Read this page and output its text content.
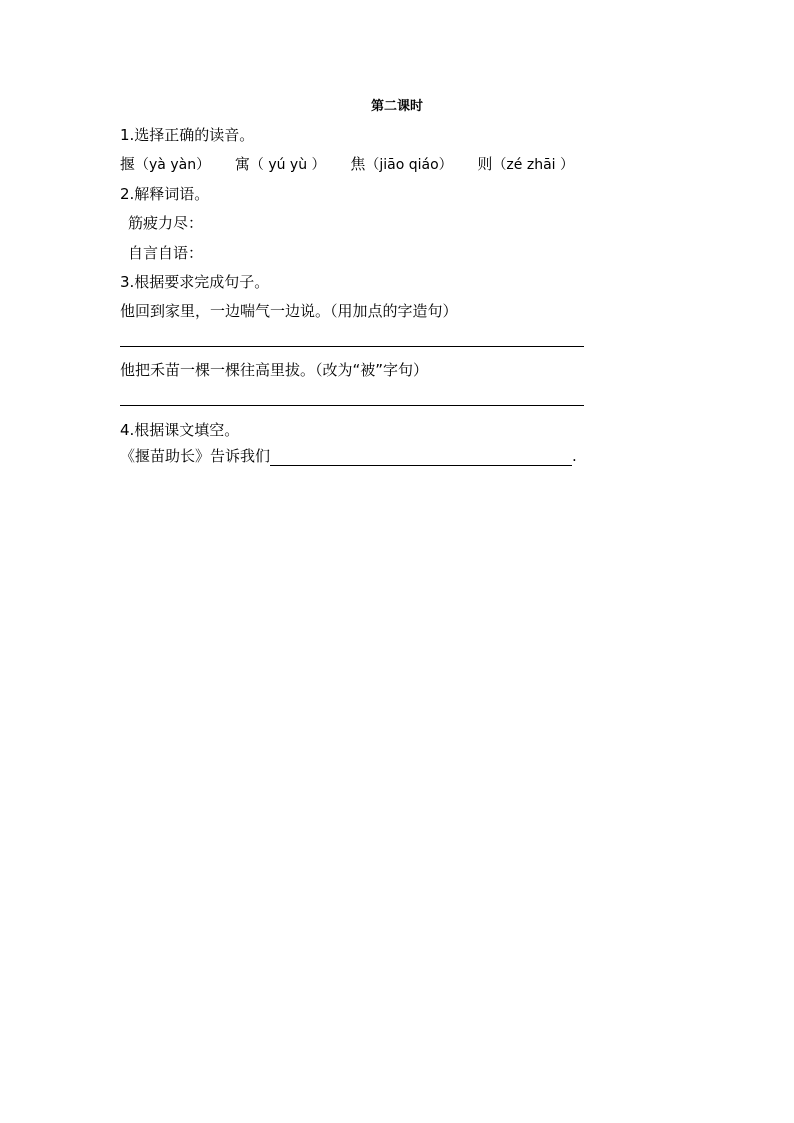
第二课时
1.选择正确的读音。
揠（yà yàn） 寓（ yú yù ） 焦（jiāo qiáo） 则（zé zhāi ）
2.解释词语。
筋疲力尽：
自言自语：
3.根据要求完成句子。
他回到家里，一边喘气一边说。（用加点的字造句）
他把禾苗一棵一棵往高里拔。（改为“被”字句）
4.根据课文填空。
《揠苗助长》告诉我们	.
